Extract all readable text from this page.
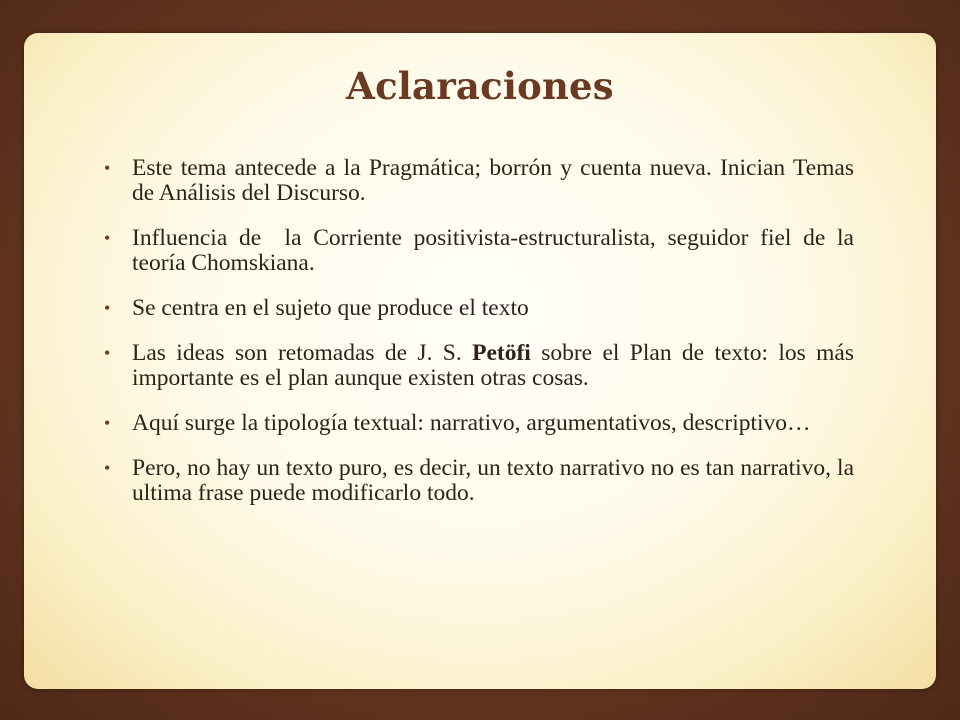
Aclaraciones
• Este tema antecede a la Pragmática; borrón y cuenta nueva. Inician Temas de Análisis del Discurso.
• Influencia de  la Corriente positivista-estructuralista, seguidor fiel de la teoría Chomskiana.
• Se centra en el sujeto que produce el texto
• Las ideas son retomadas de J. S. Petöfi sobre el Plan de texto: los más importante es el plan aunque existen otras cosas.
• Aquí surge la tipología textual: narrativo, argumentativos, descriptivo…
• Pero, no hay un texto puro, es decir, un texto narrativo no es tan narrativo, la ultima frase puede modificarlo todo.
